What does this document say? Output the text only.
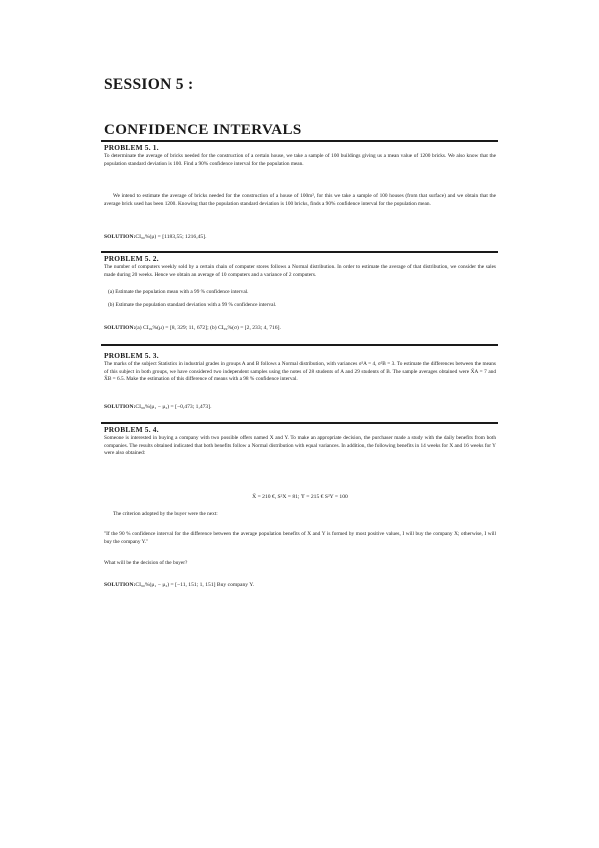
SESSION 5 :
CONFIDENCE INTERVALS
PROBLEM 5. 1.
To determinate the average of bricks needed for the construction of a certain house, we take a sample of 100 buildings giving us a mean value of 1200 bricks. We also know that the population standard deviation is 100. Find a 90% confidence interval for the population mean.
We intend to estimate the average of bricks needed for the construction of a house of 100m², for this we take a sample of 100 houses (from that surface) and we obtain that the average brick used has been 1200. Knowing that the population standard deviation is 100 bricks, finds a 90% confidence interval for the population mean.
SOLUTION:CI₉₀%(μ) = [1183,55; 1216,45].
PROBLEM 5. 2.
The number of computers weekly sold by a certain chain of computer stores follows a Normal distribution. In order to estimate the average of that distribution, we consider the sales made during 20 weeks. Hence we obtain an average of 10 computers and a variance of 2 computers.
(a) Estimate the population mean with a 99 % confidence interval.
(b) Estimate the population standard deviation with a 99 % confidence interval.
SOLUTION:(a) CI₉₉%(μ) = [8, 329; 11, 672]; (b) CI₉₉%(σ) = [2, 233; 4, 716].
PROBLEM 5. 3.
The marks of the subject Statistics in industrial grades in groups A and B follows a Normal distribution, with variances σ²A = 4, σ²B = 3. To estimate the differences between the means of this subject in both groups, we have considered two independent samples using the notes of 28 students of A and 29 students of B. The sample averages obtained were X̄A = 7 and X̄B = 6.5. Make the estimation of this difference of means with a 98 % confidence interval.
SOLUTION:CI₉₈%(μ₁ − μ₂) = [−0,473; 1,473].
PROBLEM 5. 4.
Someone is interested in buying a company with two possible offers named X and Y. To make an appropriate decision, the purchaser made a study with the daily benefits from both companies. The results obtained indicated that both benefits follow a Normal distribution with equal variances. In addition, the following benefits in 14 weeks for X and 16 weeks for Y were also obtained:
X̄ = 210 €, S²X = 81; Ȳ = 215 € S²Y = 100
The criterion adopted by the buyer were the next:
"If the 90 % confidence interval for the difference between the average population benefits of X and Y is formed by most positive values, I will buy the company X; otherwise, I will buy the company Y."
What will be the decision of the buyer?
SOLUTION:CI₉₀%(μ₁ − μ₂) = [−11, 151; 1, 151] Buy company Y.
